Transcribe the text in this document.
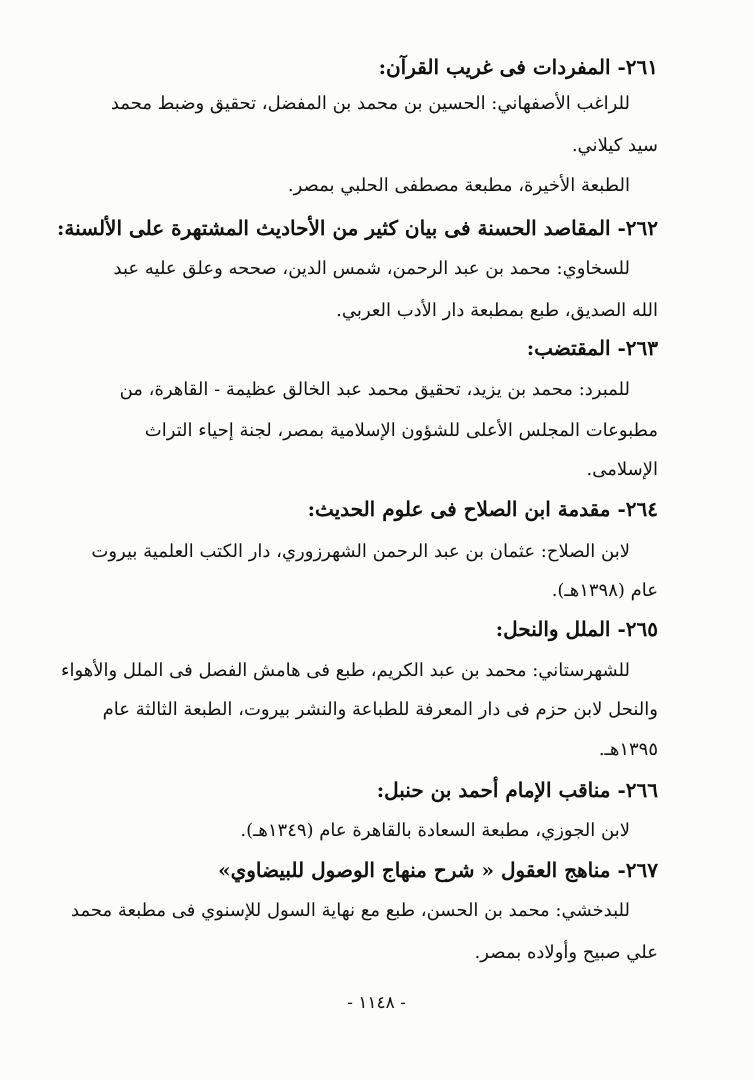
٢٦١- المفردات فى غريب القرآن:
للراغب الأصفهاني: الحسين بن محمد بن المفضل، تحقيق وضبط محمد
سيد كيلاني.
الطبعة الأخيرة، مطبعة مصطفى الحلبي بمصر.
٢٦٢- المقاصد الحسنة فى بيان كثير من الأحاديث المشتهرة على الألسنة:
للسخاوي: محمد بن عبد الرحمن، شمس الدين، صححه وعلق عليه عبد
الله الصديق، طبع بمطبعة دار الأدب العربي.
٢٦٣- المقتضب:
للمبرد: محمد بن يزيد، تحقيق محمد عبد الخالق عظيمة - القاهرة، من
مطبوعات المجلس الأعلى للشؤون الإسلامية بمصر، لجنة إحياء التراث
الإسلامى.
٢٦٤- مقدمة ابن الصلاح فى علوم الحديث:
لابن الصلاح: عثمان بن عبد الرحمن الشهرزوري، دار الكتب العلمية بيروت
عام (١٣٩٨هـ).
٢٦٥- الملل والنحل:
للشهرستاني: محمد بن عبد الكريم، طبع فى هامش الفصل فى الملل والأهواء
والنحل لابن حزم فى دار المعرفة للطباعة والنشر بيروت، الطبعة الثالثة عام
١٣٩٥هـ.
٢٦٦- مناقب الإمام أحمد بن حنبل:
لابن الجوزي، مطبعة السعادة بالقاهرة عام (١٣٤٩هـ).
٢٦٧- مناهج العقول « شرح منهاج الوصول للبيضاوي»
للبدخشي: محمد بن الحسن، طبع مع نهاية السول للإسنوي فى مطبعة محمد
علي صبيح وأولاده بمصر.
- ١١٤٨ -
